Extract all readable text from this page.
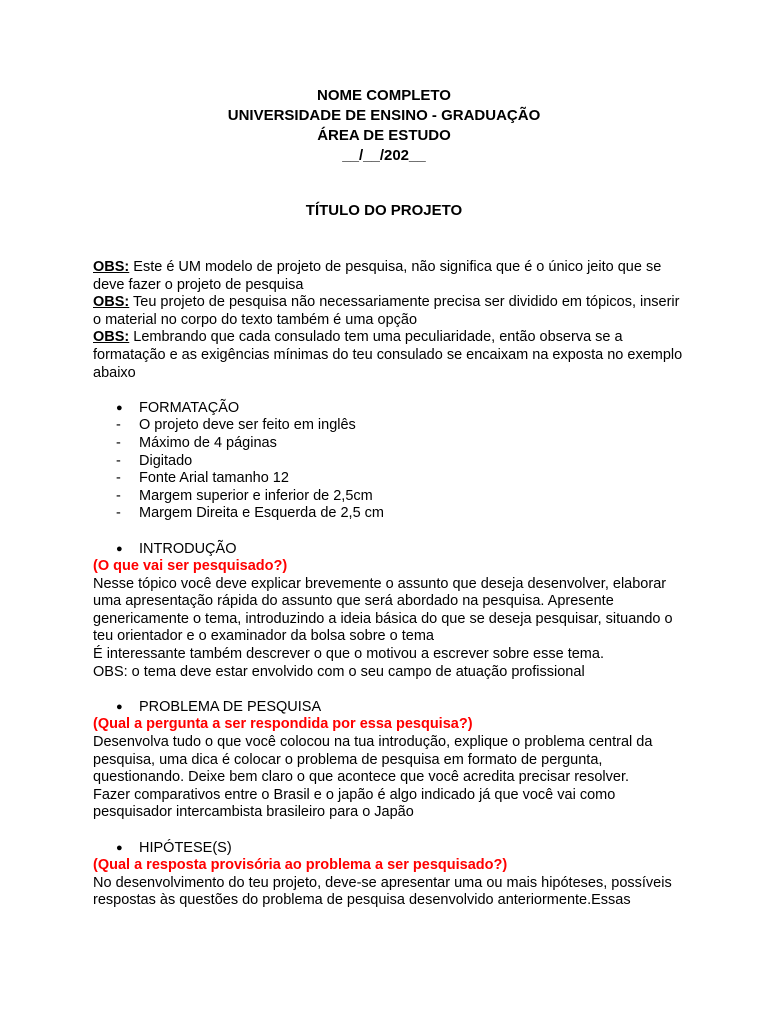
NOME COMPLETO
UNIVERSIDADE DE ENSINO - GRADUAÇÃO
ÁREA DE ESTUDO
__/__/202__
TÍTULO DO PROJETO

OBS: Este é UM modelo de projeto de pesquisa, não significa que é o único jeito que se

deve fazer o projeto de pesquisa

OBS: Teu projeto de pesquisa não necessariamente precisa ser dividido em tópicos, inserir

o material no corpo do texto também é uma opção

OBS: Lembrando que cada consulado tem uma peculiaridade, então observa se a

formatação e as exigências mínimas do teu consulado se encaixam na exposta no exemplo

abaixo

●	FORMATAÇÃO
-	O projeto deve ser feito em inglês
-	Máximo de 4 páginas
-	Digitado
-	Fonte Arial tamanho 12
-	Margem superior e inferior de 2,5cm
-	Margem Direita e Esquerda de 2,5 cm
●	INTRODUÇÃO

(O que vai ser pesquisado?)

Nesse tópico você deve explicar brevemente o assunto que deseja desenvolver, elaborar

uma apresentação rápida do assunto que será abordado na pesquisa. Apresente

genericamente o tema, introduzindo a ideia básica do que se deseja pesquisar, situando o

teu orientador e o examinador da bolsa sobre o tema

É interessante também descrever o que o motivou a escrever sobre esse tema.

OBS: o tema deve estar envolvido com o seu campo de atuação profissional

●	PROBLEMA DE PESQUISA

(Qual a pergunta a ser respondida por essa pesquisa?)

Desenvolva tudo o que você colocou na tua introdução, explique o problema central da

pesquisa, uma dica é colocar o problema de pesquisa em formato de pergunta,

questionando. Deixe bem claro o que acontece que você acredita precisar resolver.

Fazer comparativos entre o Brasil e o japão é algo indicado já que você vai como

pesquisador intercambista brasileiro para o Japão

●	HIPÓTESE(S)

(Qual a resposta provisória ao problema a ser pesquisado?)

No desenvolvimento do teu projeto, deve-se apresentar uma ou mais hipóteses, possíveis

respostas às questões do problema de pesquisa desenvolvido anteriormente.Essas
